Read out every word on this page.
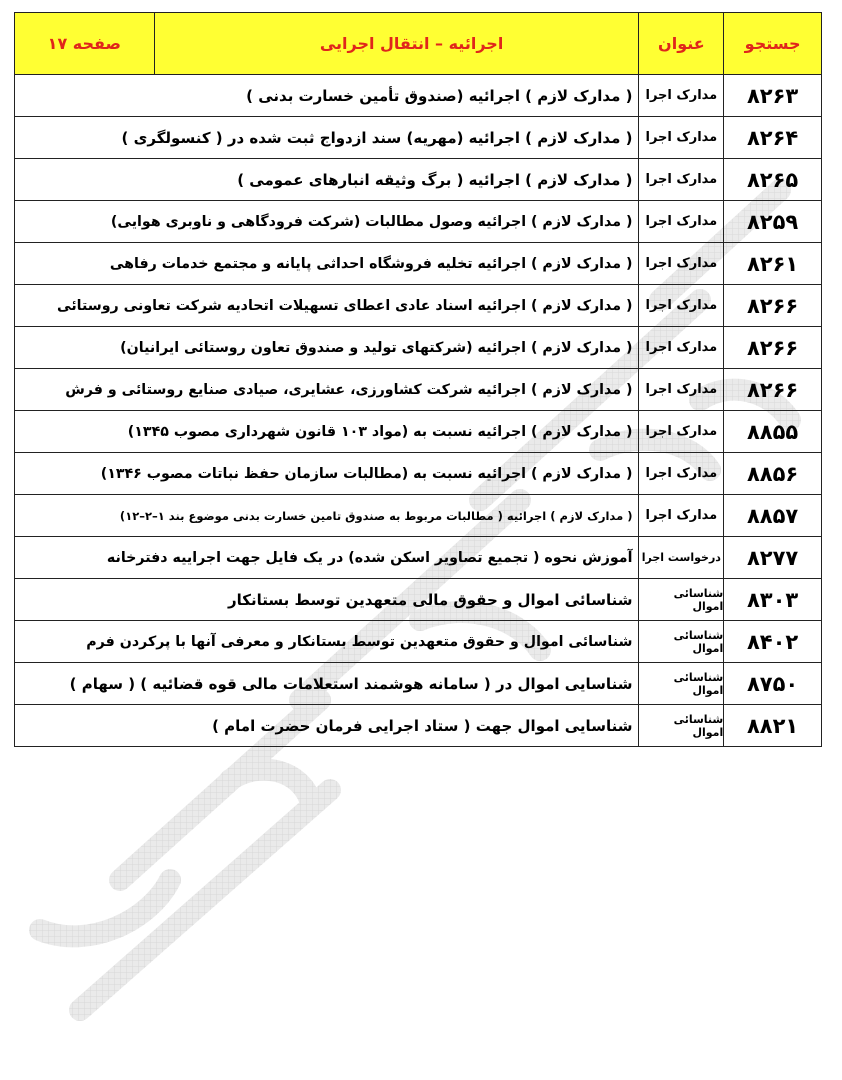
جستجو
عنوان
اجرائیه – انتقال اجرایی
صفحه ۱۷
۸۲۶۳
مدارک اجرا
( مدارک لازم ) اجرائیه (صندوق تأمین خسارت بدنی )
۸۲۶۴
مدارک اجرا
( مدارک لازم ) اجرائیه (مهریه) سند ازدواج ثبت شده در ( کنسولگری )
۸۲۶۵
مدارک اجرا
( مدارک لازم ) اجرائیه ( برگ وثیقه انبارهای عمومی )
۸۲۵۹
مدارک اجرا
( مدارک لازم ) اجرائیه وصول مطالبات (شرکت فرودگاهی و ناوبری هوایی)
۸۲۶۱
مدارک اجرا
( مدارک لازم ) اجرائیه تخلیه فروشگاه احداثی پایانه و مجتمع خدمات رفاهی
۸۲۶۶
مدارک اجرا
( مدارک لازم ) اجرائیه اسناد عادی اعطای تسهیلات اتحادیه شرکت تعاونی روستائی
۸۲۶۶
مدارک اجرا
( مدارک لازم ) اجرائیه (شرکتهای تولید و صندوق تعاون روستائی ایرانیان)
۸۲۶۶
مدارک اجرا
( مدارک لازم ) اجرائیه شرکت کشاورزی، عشایری، صیادی صنایع روستائی و فرش
۸۸۵۵
مدارک اجرا
( مدارک لازم ) اجرائیه نسبت به (مواد ۱۰۳ قانون شهرداری مصوب ۱۳۴۵)
۸۸۵۶
مدارک اجرا
( مدارک لازم ) اجرائیه نسبت به (مطالبات سازمان حفظ نباتات مصوب ۱۳۴۶)
۸۸۵۷
مدارک اجرا
( مدارک لازم ) اجرائیه ( مطالبات مربوط به صندوق تامین خسارت بدنی موضوع بند ۱–۲–۱۲)
۸۲۷۷
درخواست اجرا
آموزش نحوه ( تجمیع تصاویر اسکن شده) در یک فایل جهت اجراییه دفترخانه
۸۳۰۳
شناسائی اموال
شناسائی اموال و حقوق مالی متعهدین توسط بستانکار
۸۴۰۲
شناسائی اموال
شناسائی اموال و حقوق متعهدین توسط بستانکار و معرفی آنها با پرکردن فرم
۸۷۵۰
شناسائی اموال
شناسایی اموال در ( سامانه هوشمند استعلامات مالی قوه قضائیه ) ( سهام )
۸۸۲۱
شناسائی اموال
شناسایی اموال جهت ( ستاد اجرایی فرمان حضرت امام )
